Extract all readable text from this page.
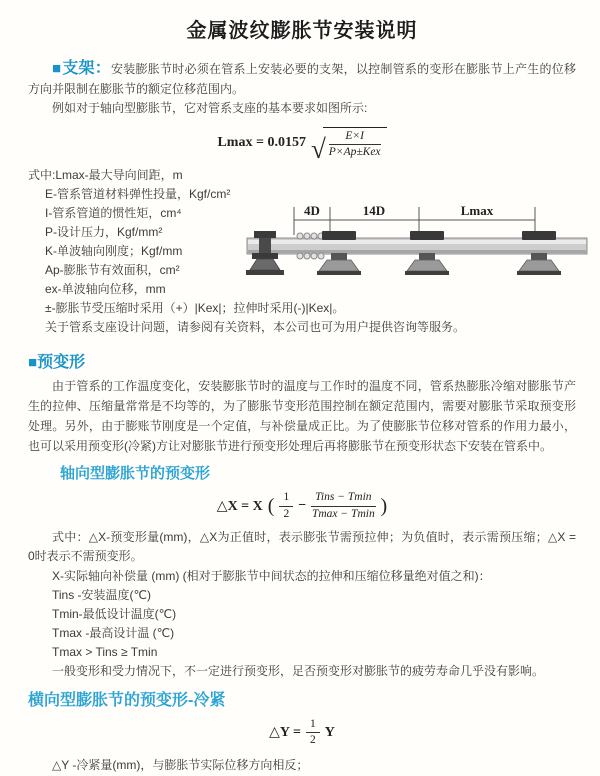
金属波纹膨胀节安装说明

■支架：安装膨胀节时必须在管系上安装必要的支架，以控制管系的变形在膨胀节上产生的位移方向并限制在膨胀节的额定位移范围内。

例如对于轴向型膨胀节，它对管系支座的基本要求如图所示:

Lmax = 0.0157 √ $\frac{E\times I}{\text{P×Ap±Kex}}$
式中:Lmax-最大导向间距，m
E-管系管道材料弹性投量，Kgf/cm²
I-管系管道的惯性矩，cm⁴
P-设计压力，Kgf/mm²
K-单波轴向刚度；Kgf/mm
Ap-膨胀节有效面积，cm²
ex-单波轴向位移，mm
±-膨胀节受压缩时采用（+）|Kex|；拉伸时采用(-)|Kex|。
关于管系支座设计问题，请参阅有关资料，本公司也可为用户提供咨询等服务。
4D	14D	Lmax
■预变形

由于管系的工作温度变化，安装膨胀节时的温度与工作时的温度不同，管系热膨胀冷缩对膨胀节产生的拉伸、压缩量常常是不均等的，为了膨胀节变形范围控制在额定范围内，需要对膨胀节采取预变形处理。另外，由于膨账节刚度是一个定值，与补偿量成正比。为了使膨胀节位移对管系的作用力最小，也可以采用预变形(冷紧)方让对膨胀节进行预变形处理后再将膨胀节在预变形状态下安装在管系中。

轴向型膨胀节的预变形
△X = X ( $\frac{1}{2} - \frac{\text{Tins − Tmin}}{Tmax - Tmin}$ )

式中：△X-预变形量(mm)，△X为正值时，表示膨张节需预拉伸；为负值时，表示需预压缩；△X = 0时表示不需预变形。

X-实际轴向补偿量 (mm) (相对于膨胀节中间状态的拉伸和压缩位移量绝对值之和)：
Tins -安装温度(℃)
Tmin-最低设计温度(℃)
Tmax -最高设计温 (℃)
Tmax > Tins ≥ Tmin
一般变形和受力情况下，不一定进行预变形，足否预变形对膨胀节的疲劳寿命几乎没有影响。
横向型膨胀节的预变形-冷紧
△Y = $\frac{1}{2}$ Y

△Y -冷紧量(mm)，与膨胀节实际位移方向相反；
